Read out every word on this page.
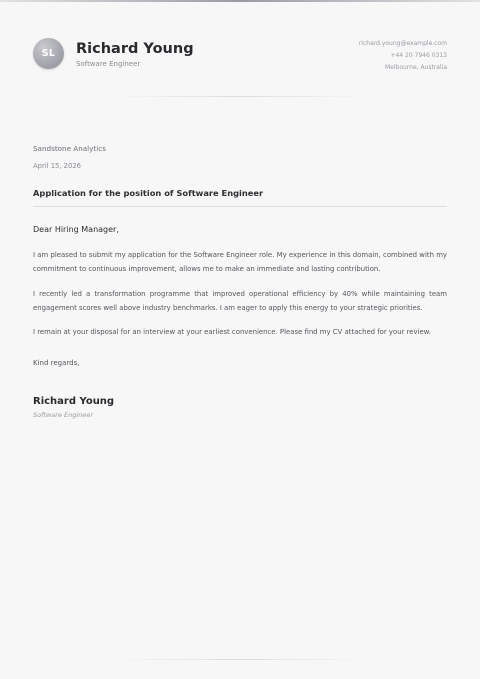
SL Richard Young
Software Engineer
richard.young@example.com
+44 20 7946 0313
Melbourne, Australia
Sandstone Analytics
April 15, 2026
Application for the position of Software Engineer
Dear Hiring Manager,

I am pleased to submit my application for the Software Engineer role. My experience in this domain, combined with my commitment to continuous improvement, allows me to make an immediate and lasting contribution.

I recently led a transformation programme that improved operational efficiency by 40% while maintaining team engagement scores well above industry benchmarks. I am eager to apply this energy to your strategic priorities.

I remain at your disposal for an interview at your earliest convenience. Please find my CV attached for your review.

Kind regards,
Richard Young
Software Engineer
